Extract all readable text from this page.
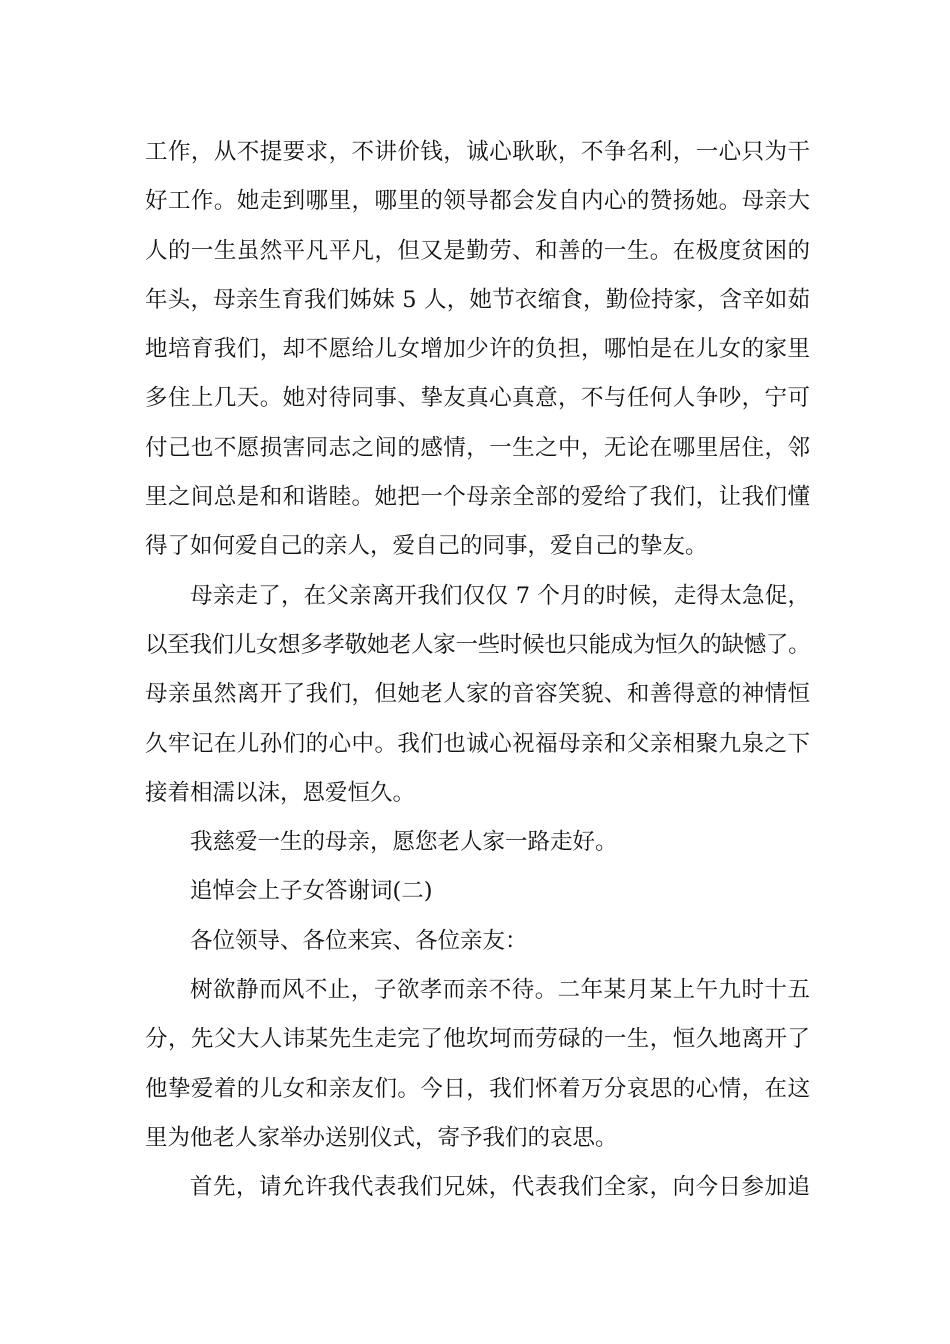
工作，从不提要求，不讲价钱，诚心耿耿，不争名利，一心只为干
好工作。她走到哪里，哪里的领导都会发自内心的赞扬她。母亲大
人的一生虽然平凡平凡，但又是勤劳、和善的一生。在极度贫困的
年头，母亲生育我们姊妹 5 人，她节衣缩食，勤俭持家，含辛如茹
地培育我们，却不愿给儿女增加少许的负担，哪怕是在儿女的家里
多住上几天。她对待同事、挚友真心真意，不与任何人争吵，宁可
付己也不愿损害同志之间的感情，一生之中，无论在哪里居住，邻
里之间总是和和谐睦。她把一个母亲全部的爱给了我们，让我们懂
得了如何爱自己的亲人，爱自己的同事，爱自己的挚友。
母亲走了，在父亲离开我们仅仅 7 个月的时候，走得太急促，
以至我们儿女想多孝敬她老人家一些时候也只能成为恒久的缺憾了。
母亲虽然离开了我们，但她老人家的音容笑貌、和善得意的神情恒
久牢记在儿孙们的心中。我们也诚心祝福母亲和父亲相聚九泉之下
接着相濡以沫，恩爱恒久。
我慈爱一生的母亲，愿您老人家一路走好。
追悼会上子女答谢词(二)
各位领导、各位来宾、各位亲友：
树欲静而风不止，子欲孝而亲不待。二年某月某上午九时十五
分，先父大人讳某先生走完了他坎坷而劳碌的一生，恒久地离开了
他挚爱着的儿女和亲友们。今日，我们怀着万分哀思的心情，在这
里为他老人家举办送别仪式，寄予我们的哀思。
首先，请允许我代表我们兄妹，代表我们全家，向今日参加追
